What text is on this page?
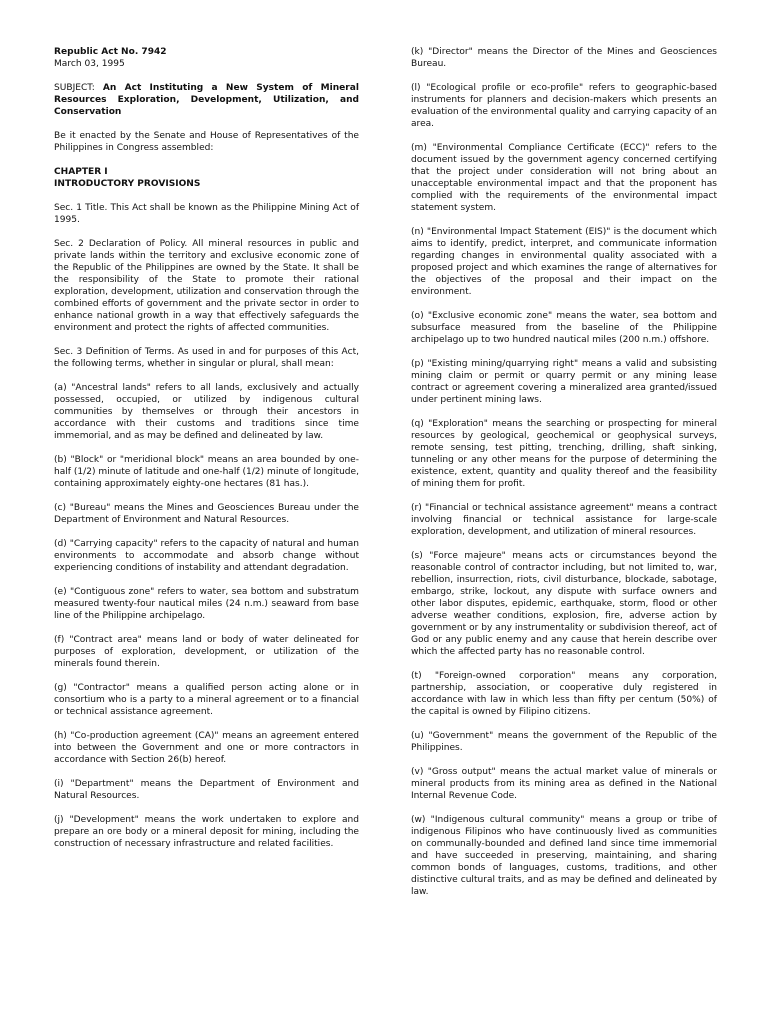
Republic Act No. 7942
March 03, 1995

SUBJECT: An Act Instituting a New System of Mineral Resources Exploration, Development, Utilization, and Conservation

Be it enacted by the Senate and House of Representatives of the Philippines in Congress assembled:

CHAPTER I
INTRODUCTORY PROVISIONS

Sec. 1 Title. This Act shall be known as the Philippine Mining Act of 1995.

Sec. 2 Declaration of Policy. All mineral resources in public and private lands within the territory and exclusive economic zone of the Republic of the Philippines are owned by the State. It shall be the responsibility of the State to promote their rational exploration, development, utilization and conservation through the combined efforts of government and the private sector in order to enhance national growth in a way that effectively safeguards the environment and protect the rights of affected communities.

Sec. 3 Definition of Terms. As used in and for purposes of this Act, the following terms, whether in singular or plural, shall mean:

(a) "Ancestral lands" refers to all lands, exclusively and actually possessed, occupied, or utilized by indigenous cultural communities by themselves or through their ancestors in accordance with their customs and traditions since time immemorial, and as may be defined and delineated by law.

(b) "Block" or "meridional block" means an area bounded by one-half (1/2) minute of latitude and one-half (1/2) minute of longitude, containing approximately eighty-one hectares (81 has.).

(c) "Bureau" means the Mines and Geosciences Bureau under the Department of Environment and Natural Resources.

(d) "Carrying capacity" refers to the capacity of natural and human environments to accommodate and absorb change without experiencing conditions of instability and attendant degradation.

(e) "Contiguous zone" refers to water, sea bottom and substratum measured twenty-four nautical miles (24 n.m.) seaward from base line of the Philippine archipelago.

(f) "Contract area" means land or body of water delineated for purposes of exploration, development, or utilization of the minerals found therein.

(g) "Contractor" means a qualified person acting alone or in consortium who is a party to a mineral agreement or to a financial or technical assistance agreement.

(h) "Co-production agreement (CA)" means an agreement entered into between the Government and one or more contractors in accordance with Section 26(b) hereof.

(i) "Department" means the Department of Environment and Natural Resources.

(j) "Development" means the work undertaken to explore and prepare an ore body or a mineral deposit for mining, including the construction of necessary infrastructure and related facilities.

(k) "Director" means the Director of the Mines and Geosciences Bureau.

(l) "Ecological profile or eco-profile" refers to geographic-based instruments for planners and decision-makers which presents an evaluation of the environmental quality and carrying capacity of an area.

(m) "Environmental Compliance Certificate (ECC)" refers to the document issued by the government agency concerned certifying that the project under consideration will not bring about an unacceptable environmental impact and that the proponent has complied with the requirements of the environmental impact statement system.

(n) "Environmental Impact Statement (EIS)" is the document which aims to identify, predict, interpret, and communicate information regarding changes in environmental quality associated with a proposed project and which examines the range of alternatives for the objectives of the proposal and their impact on the environment.

(o) "Exclusive economic zone" means the water, sea bottom and subsurface measured from the baseline of the Philippine archipelago up to two hundred nautical miles (200 n.m.) offshore.

(p) "Existing mining/quarrying right" means a valid and subsisting mining claim or permit or quarry permit or any mining lease contract or agreement covering a mineralized area granted/issued under pertinent mining laws.

(q) "Exploration" means the searching or prospecting for mineral resources by geological, geochemical or geophysical surveys, remote sensing, test pitting, trenching, drilling, shaft sinking, tunneling or any other means for the purpose of determining the existence, extent, quantity and quality thereof and the feasibility of mining them for profit.

(r) "Financial or technical assistance agreement" means a contract involving financial or technical assistance for large-scale exploration, development, and utilization of mineral resources.

(s) "Force majeure" means acts or circumstances beyond the reasonable control of contractor including, but not limited to, war, rebellion, insurrection, riots, civil disturbance, blockade, sabotage, embargo, strike, lockout, any dispute with surface owners and other labor disputes, epidemic, earthquake, storm, flood or other adverse weather conditions, explosion, fire, adverse action by government or by any instrumentality or subdivision thereof, act of God or any public enemy and any cause that herein describe over which the affected party has no reasonable control.

(t) "Foreign-owned corporation" means any corporation, partnership, association, or cooperative duly registered in accordance with law in which less than fifty per centum (50%) of the capital is owned by Filipino citizens.

(u) "Government" means the government of the Republic of the Philippines.

(v) "Gross output" means the actual market value of minerals or mineral products from its mining area as defined in the National Internal Revenue Code.

(w) "Indigenous cultural community" means a group or tribe of indigenous Filipinos who have continuously lived as communities on communally-bounded and defined land since time immemorial and have succeeded in preserving, maintaining, and sharing common bonds of languages, customs, traditions, and other distinctive cultural traits, and as may be defined and delineated by law.
